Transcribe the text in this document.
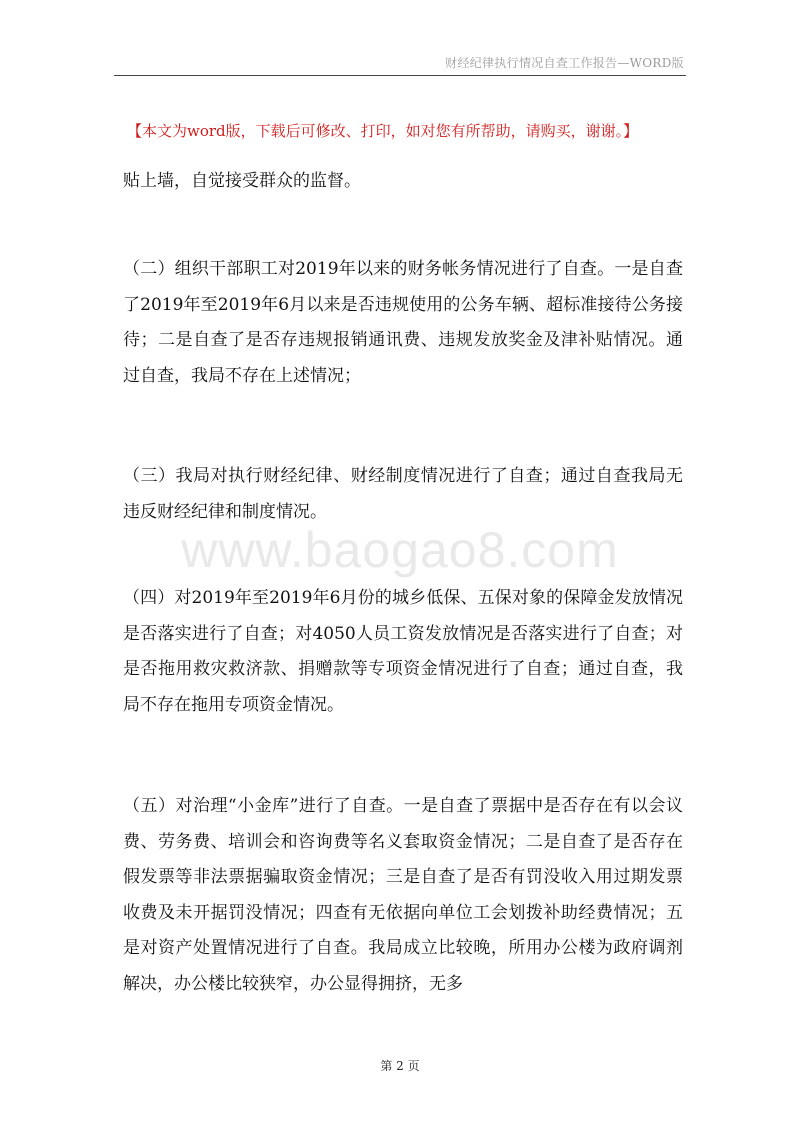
财经纪律执行情况自查工作报告—WORD版
【本文为word版，下载后可修改、打印，如对您有所帮助，请购买，谢谢。】

贴上墙，自觉接受群众的监督。

（二）组织干部职工对2019年以来的财务帐务情况进行了自查。一是自查了2019年至2019年6月以来是否违规使用的公务车辆、超标准接待公务接待；二是自查了是否存违规报销通讯费、违规发放奖金及津补贴情况。通过自查，我局不存在上述情况；

（三）我局对执行财经纪律、财经制度情况进行了自查；通过自查我局无违反财经纪律和制度情况。

www.baogao8.com

（四）对2019年至2019年6月份的城乡低保、五保对象的保障金发放情况是否落实进行了自查；对4050人员工资发放情况是否落实进行了自查；对是否拖用救灾救济款、捐赠款等专项资金情况进行了自查；通过自查，我局不存在拖用专项资金情况。

（五）对治理“小金库”进行了自查。一是自查了票据中是否存在有以会议费、劳务费、培训会和咨询费等名义套取资金情况；二是自查了是否存在假发票等非法票据骗取资金情况；三是自查了是否有罚没收入用过期发票收费及未开据罚没情况；四查有无依据向单位工会划拨补助经费情况；五是对资产处置情况进行了自查。我局成立比较晚，所用办公楼为政府调剂解决，办公楼比较狭窄，办公显得拥挤，无多

第 2 页
